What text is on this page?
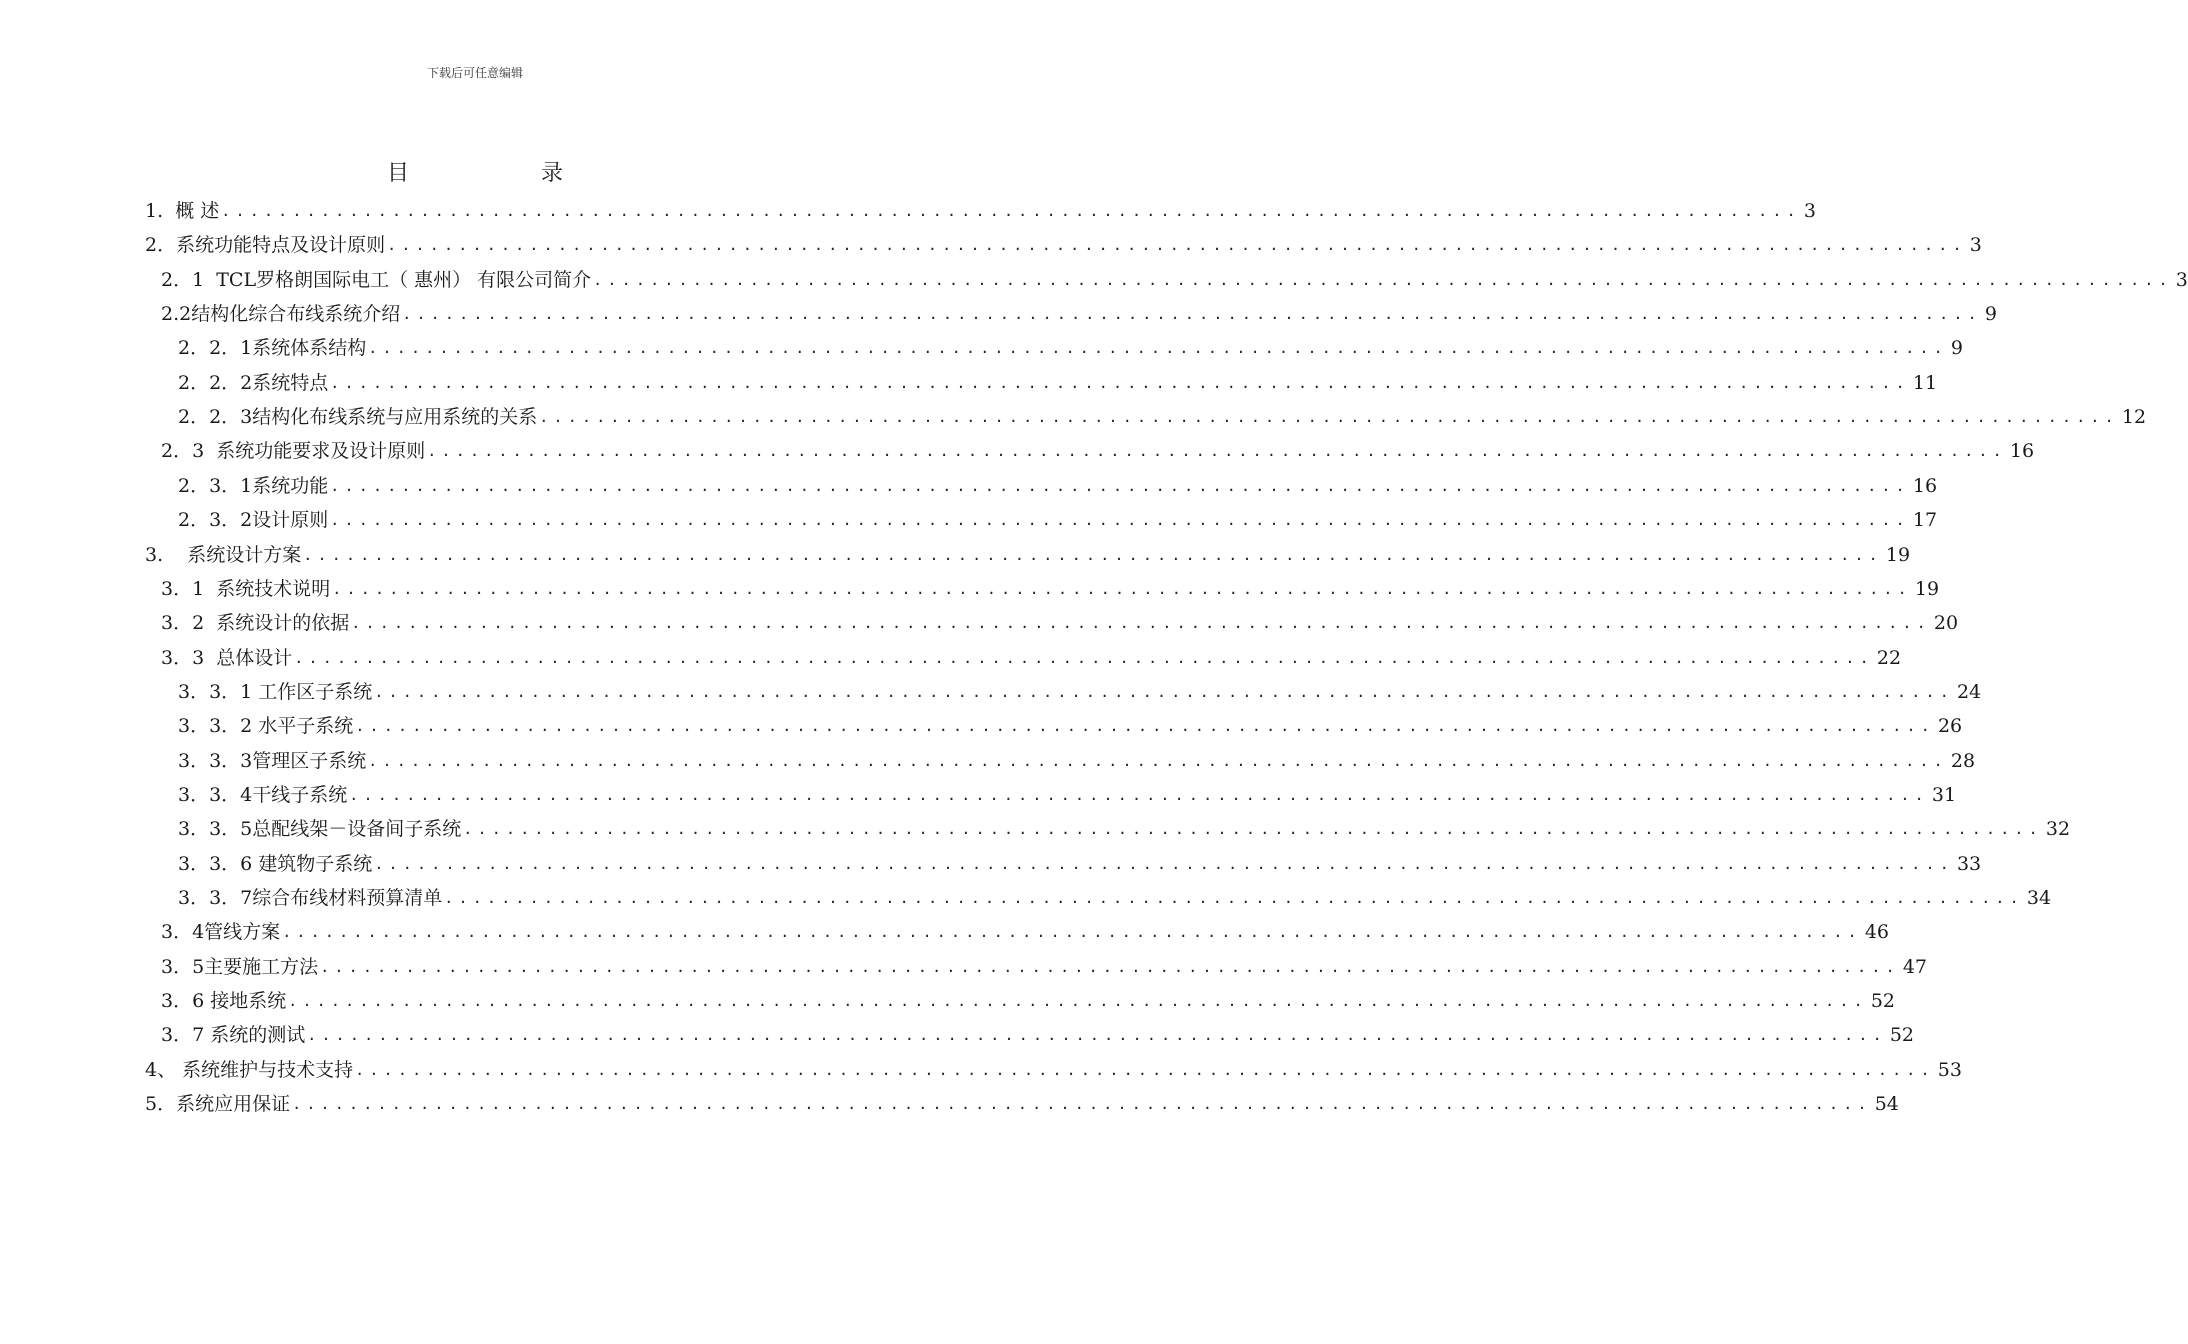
下载后可任意编辑
目	录
1.  概 述 ............................................................................................................... 3
2．系统功能特点及设计原则 ............................................................................................................... 3
2．1  TCL罗格朗国际电工（ 惠州） 有限公司简介 ............................................................................................................... 3
2.2结构化综合布线系统介绍 ............................................................................................................... 9
2．2．1系统体系结构 ............................................................................................................... 9
2．2．2系统特点 ............................................................................................................... 11
2．2．3结构化布线系统与应用系统的关系 ............................................................................................................... 12
2．3  系统功能要求及设计原则 ............................................................................................................... 16
2．3．1系统功能 ............................................................................................................... 16
2．3．2设计原则 ............................................................................................................... 17
3.    系统设计方案 ............................................................................................................... 19
3．1  系统技术说明 ............................................................................................................... 19
3．2  系统设计的依据 ............................................................................................................... 20
3．3  总体设计 ............................................................................................................... 22
3．3．1 工作区子系统 ............................................................................................................... 24
3．3．2 水平子系统 ............................................................................................................... 26
3．3．3管理区子系统 ............................................................................................................... 28
3．3．4干线子系统 ............................................................................................................... 31
3．3．5总配线架－设备间子系统 ............................................................................................................... 32
3．3．6 建筑物子系统 ............................................................................................................... 33
3．3．7综合布线材料预算清单 ............................................................................................................... 34
3．4管线方案 ............................................................................................................... 46
3．5主要施工方法 ............................................................................................................... 47
3．6 接地系统 ............................................................................................................... 52
3．7 系统的测试 ............................................................................................................... 52
4、 系统维护与技术支持 ............................................................................................................... 53
5．系统应用保证 ............................................................................................................... 54
